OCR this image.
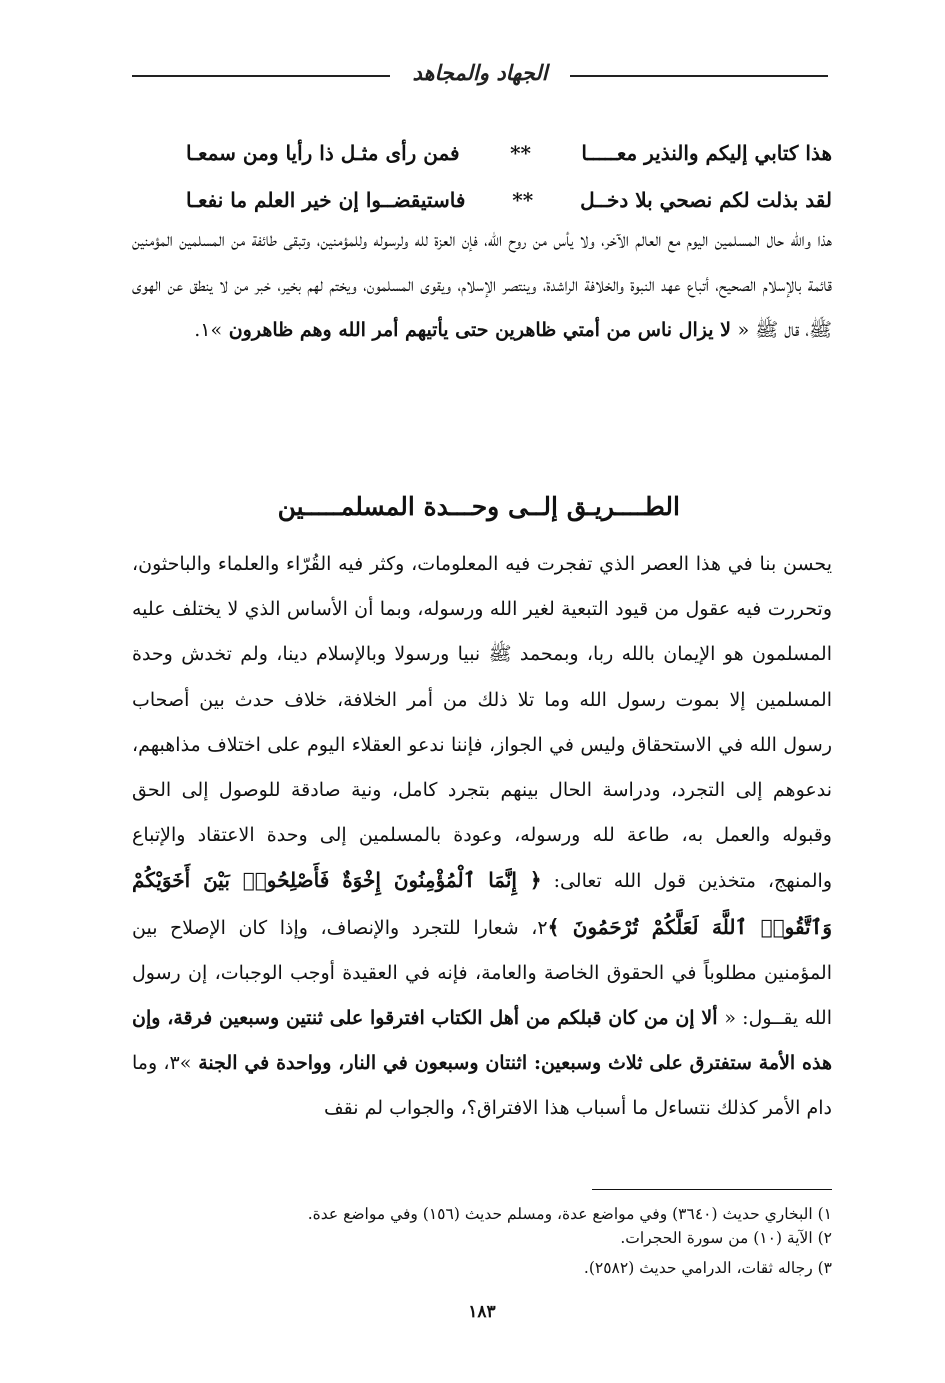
الجهاد والمجاهد
هذا كتابي إليكم والنذير معـــــا
**
فمن رأى مثـل ذا رأيا ومن سمعـا
لقد بذلت لكم نصحي بلا دخــل
**
فاستيقضــوا إن خير العلم ما نفعـا
هذا والله حال المسلمين اليوم مع العالم الآخر، ولا يأس من روح الله، فإن العزة لله ولرسوله وللمؤمنين، وتبقى طائفة من المسلمين المؤمنين قائمة بالإسلام الصحيح، أتباع عهد النبوة والخلافة الراشدة، وينتصر الإسلام، ويقوى المسلمون، ويختم لهم بخير، خبر من لا ينطق عن الهوى ﷺ، قال ﷺ « لا يزال ناس من أمتي ظاهرين حتى يأتيهم أمر الله وهم ظاهرون »١.
الطــــريـق إلــى وحـــدة المسلمـــــين
يحسن بنا في هذا العصر الذي تفجرت فيه المعلومات، وكثر فيه القُرّاء والعلماء والباحثون، وتحررت فيه عقول من قيود التبعية لغير الله ورسوله، وبما أن الأساس الذي لا يختلف عليه المسلمون هو الإيمان بالله ربا، وبمحمد ﷺ نبيا ورسولا وبالإسلام دينا، ولم تخدش وحدة المسلمين إلا بموت رسول الله وما تلا ذلك من أمر الخلافة، خلاف حدث بين أصحاب رسول الله في الاستحقاق وليس في الجواز، فإننا ندعو العقلاء اليوم على اختلاف مذاهبهم، ندعوهم إلى التجرد، ودراسة الحال بينهم بتجرد كامل، ونية صادقة للوصول إلى الحق وقبوله والعمل به، طاعة لله ورسوله، وعودة بالمسلمين إلى وحدة الاعتقاد والإتباع والمنهج، متخذين قول الله تعالى: ﴿ إِنَّمَا ٱلْمُؤْمِنُونَ إِخْوَةٌ فَأَصْلِحُوا۟ بَيْنَ أَخَوَيْكُمْ وَٱتَّقُوا۟ ٱللَّهَ لَعَلَّكُمْ تُرْحَمُونَ ﴾٢، شعارا للتجرد والإنصاف، وإذا كان الإصلاح بين المؤمنين مطلوباً في الحقوق الخاصة والعامة، فإنه في العقيدة أوجب الوجبات، إن رسول الله يقــول: « ألا إن من كان قبلكم من أهل الكتاب افترقوا على ثنتين وسبعين فرقة، وإن هذه الأمة ستفترق على ثلاث وسبعين: اثنتان وسبعون في النار، وواحدة في الجنة »٣، وما دام الأمر كذلك نتساءل ما أسباب هذا الافتراق؟، والجواب لم نقف
١) البخاري حديث (٣٦٤٠) وفي مواضع عدة، ومسلم حديث (١٥٦) وفي مواضع عدة.
٢) الآية (١٠) من سورة الحجرات.
٣) رجاله ثقات، الدرامي حديث (٢٥٨٢).
١٨٣
